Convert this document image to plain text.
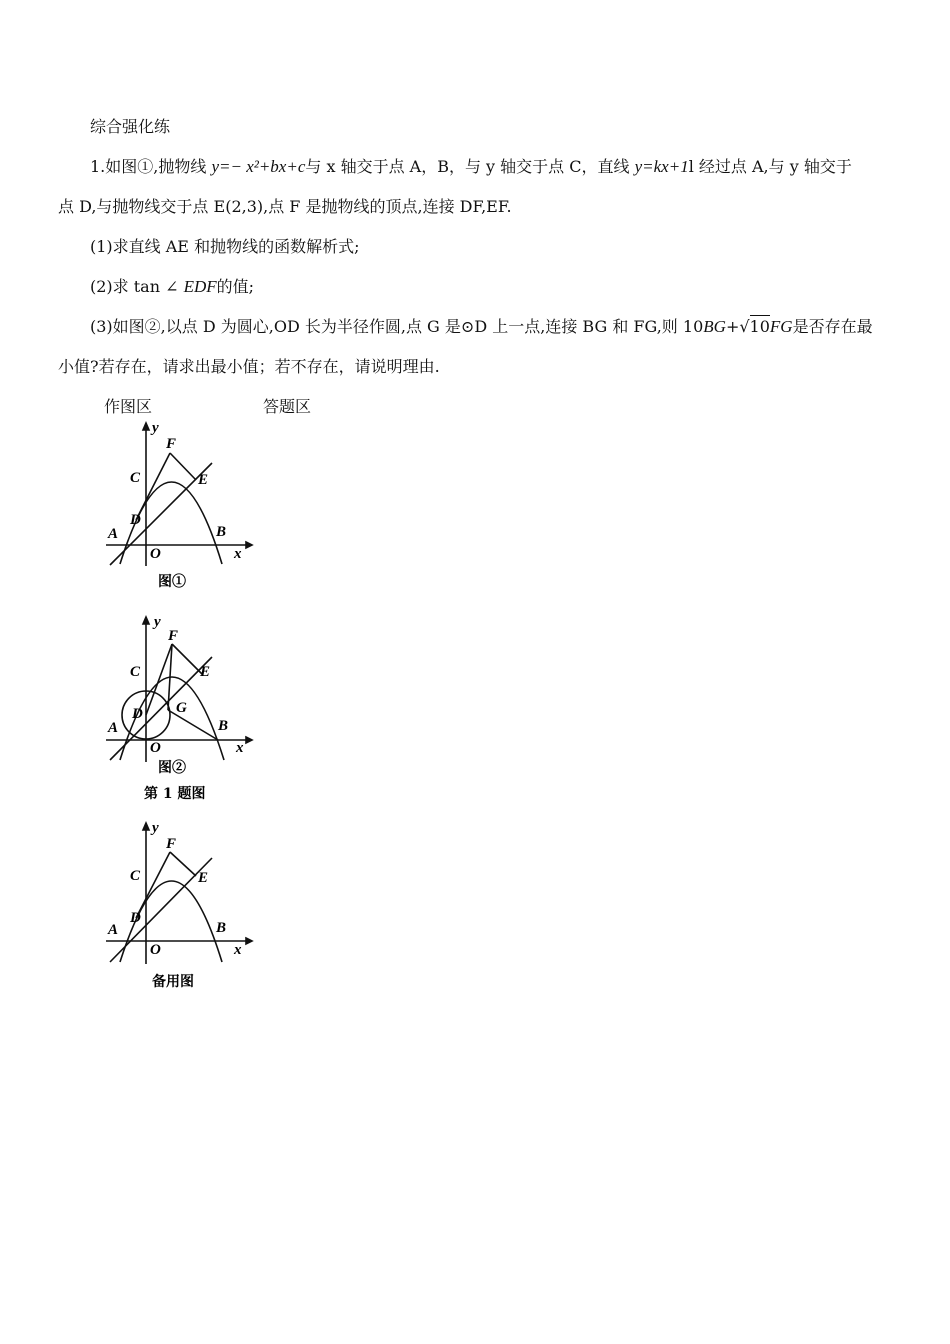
综合强化练
1.如图①,抛物线 y=− x²+bx+c与 x 轴交于点 A，B，与 y 轴交于点 C，直线 y=kx+1l 经过点 A,与 y 轴交于
点 D,与抛物线交于点 E(2,3),点 F 是抛物线的顶点,连接 DF,EF.
(1)求直线 AE 和抛物线的函数解析式;
(2)求 tan ∠ EDF的值;
(3)如图②,以点 D 为圆心,OD 长为半径作圆,点 G 是⊙D 上一点,连接 BG 和 FG,则 10BG+√10FG是否存在最
小值?若存在，请求出最小值；若不存在，请说明理由.
作图区	答题区
y
F
C	E
D
A	B
O	x
图①
y
F
C	E
D G
A	B
O	x
图②
第 1 题图
y
F
C	E
D
A	B
O	x
备用图
